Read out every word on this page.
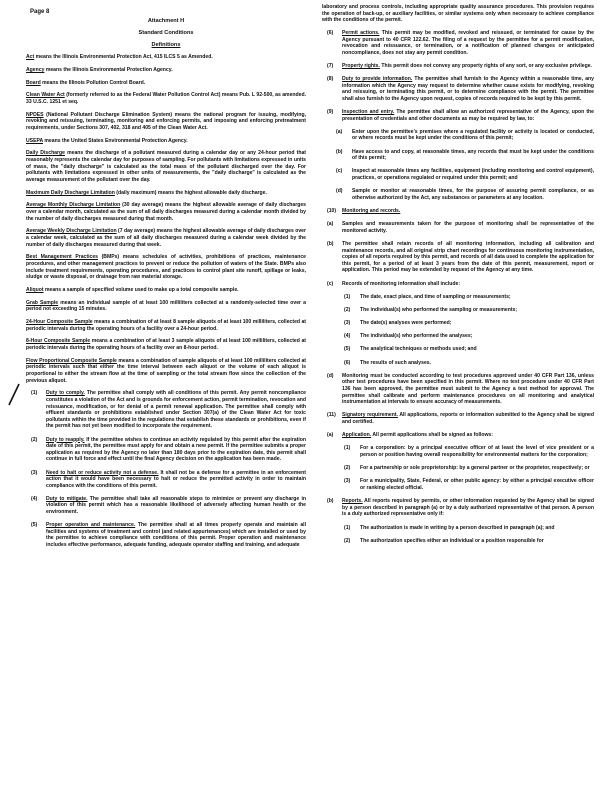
Page 8
Attachment H
Standard Conditions
Definitions
Act means the Illinois Environmental Protection Act, 415 ILCS 5 as Amended.
Agency means the Illinois Environmental Protection Agency.
Board means the Illinois Pollution Control Board.
Clean Water Act (formerly referred to as the Federal Water Pollution Control Act) means Pub. L 92-500, as amended. 33 U.S.C. 1251 et seq.
NPDES (National Pollutant Discharge Elimination System) means the national program for issuing, modifying, revoking and reissuing, terminating, monitoring and enforcing permits, and imposing and enforcing pretreatment requirements, under Sections 307, 402, 318 and 405 of the Clean Water Act.
USEPA means the United States Environmental Protection Agency.
Daily Discharge means the discharge of a pollutant measured during a calendar day or any 24-hour period that reasonably represents the calendar day for purposes of sampling. For pollutants with limitations expressed in units of mass, the "daily discharge" is calculated as the total mass of the pollutant discharged over the day. For pollutants with limitations expressed in other units of measurements, the "daily discharge" is calculated as the average measurement of the pollutant over the day.
Maximum Daily Discharge Limitation (daily maximum) means the highest allowable daily discharge.
Average Monthly Discharge Limitation (30 day average) means the highest allowable average of daily discharges over a calendar month, calculated as the sum of all daily discharges measured during a calendar month divided by the number of daily discharges measured during that month.
Average Weekly Discharge Limitation (7 day average) means the highest allowable average of daily discharges over a calendar week, calculated as the sum of all daily discharges measured during a calendar week divided by the number of daily discharges measured during that week.
Best Management Practices (BMPs) means schedules of activities, prohibitions of practices, maintenance procedures, and other management practices to prevent or reduce the pollution of waters of the State. BMPs also include treatment requirements, operating procedures, and practices to control plant site runoff, spillage or leaks, sludge or waste disposal, or drainage from raw material storage.
Aliquot means a sample of specified volume used to make up a total composite sample.
Grab Sample means an individual sample of at least 100 milliliters collected at a randomly-selected time over a period not exceeding 15 minutes.
24-Hour Composite Sample means a combination of at least 8 sample aliquots of at least 100 milliliters, collected at periodic intervals during the operating hours of a facility over a 24-hour period.
8-Hour Composite Sample means a combination of at least 3 sample aliquots of at least 100 milliliters, collected at periodic intervals during the operating hours of a facility over an 8-hour period.
Flow Proportional Composite Sample means a combination of sample aliquots of at least 100 milliliters collected at periodic intervals such that either the time interval between each aliquot or the volume of each aliquot is proportional to either the stream flow at the time of sampling or the total stream flow since the collection of the previous aliquot.
(1) Duty to comply. The permittee shall comply with all conditions of this permit. Any permit noncompliance constitutes a violation of the Act and is grounds for enforcement action, permit termination, revocation and reissuance, modification, or for denial of a permit renewal application. The permittee shall comply with effluent standards or prohibitions established under Section 307(a) of the Clean Water Act for toxic pollutants within the time provided in the regulations that establish these standards or prohibitions, even if the permit has not yet been modified to incorporate the requirement.
(2) Duty to reapply. If the permittee wishes to continue an activity regulated by this permit after the expiration date of this permit, the permittee must apply for and obtain a new permit. If the permittee submits a proper application as required by the Agency no later than 180 days prior to the expiration date, this permit shall continue in full force and effect until the final Agency decision on the application has been made.
(3) Need to halt or reduce activity not a defense. It shall not be a defense for a permittee in an enforcement action that it would have been necessary to halt or reduce the permitted activity in order to maintain compliance with the conditions of this permit.
(4) Duty to mitigate. The permittee shall take all reasonable steps to minimize or prevent any discharge in violation of this permit which has a reasonable likelihood of adversely affecting human health or the environment.
(5) Proper operation and maintenance. The permittee shall at all times properly operate and maintain all facilities and systems of treatment and control (and related appurtenances) which are installed or used by the permittee to achieve compliance with conditions of this permit. Proper operation and maintenance includes effective performance, adequate funding, adequate operator staffing and training, and adequate
laboratory and process controls, including appropriate quality assurance procedures. This provision requires the operation of back-up, or auxiliary facilities, or similar systems only when necessary to achieve compliance with the conditions of the permit.
(6) Permit actions. This permit may be modified, revoked and reissued, or terminated for cause by the Agency pursuant to 40 CFR 122.62. The filing of a request by the permittee for a permit modification, revocation and reissuance, or termination, or a notification of planned changes or anticipated noncompliance, does not stay any permit condition.
(7) Property rights. This permit does not convey any property rights of any sort, or any exclusive privilege.
(8) Duty to provide information. The permittee shall furnish to the Agency within a reasonable time, any information which the Agency may request to determine whether cause exists for modifying, revoking and reissuing, or terminating this permit, or to determine compliance with the permit. The permittee shall also furnish to the Agency upon request, copies of records required to be kept by this permit.
(9) Inspection and entry. The permittee shall allow an authorized representative of the Agency, upon the presentation of credentials and other documents as may be required by law, to:
(a) Enter upon the permittee's premises where a regulated facility or activity is located or conducted, or where records must be kept under the conditions of this permit;
(b) Have access to and copy, at reasonable times, any records that must be kept under the conditions of this permit;
(c) Inspect at reasonable times any facilities, equipment (including monitoring and control equipment), practices, or operations regulated or required under this permit; and
(d) Sample or monitor at reasonable times, for the purpose of assuring permit compliance, or as otherwise authorized by the Act, any substances or parameters at any location.
(10) Monitoring and records.
(a) Samples and measurements taken for the purpose of monitoring shall be representative of the monitored activity.
(b) The permittee shall retain records of all monitoring information, including all calibration and maintenance records, and all original strip chart recordings for continuous monitoring instrumentation, copies of all reports required by this permit, and records of all data used to complete the application for this permit, for a period of at least 3 years from the date of this permit, measurement, report or application. This period may be extended by request of the Agency at any time.
(c) Records of monitoring information shall include:
(1) The date, exact place, and time of sampling or measurements;
(2) The individual(s) who performed the sampling or measurements;
(3) The date(s) analyses were performed;
(4) The individual(s) who performed the analyses;
(5) The analytical techniques or methods used; and
(6) The results of such analyses.
(d) Monitoring must be conducted according to test procedures approved under 40 CFR Part 136, unless other test procedures have been specified in this permit. Where no test procedure under 40 CFR Part 136 has been approved, the permittee must submit to the Agency a test method for approval. The permittee shall calibrate and perform maintenance procedures on all monitoring and analytical instrumentation at intervals to ensure accuracy of measurements.
(11) Signatory requirement. All applications, reports or information submitted to the Agency shall be signed and certified.
(a) Application. All permit applications shall be signed as follows:
(1) For a corporation: by a principal executive officer of at least the level of vice president or a person or position having overall responsibility for environmental matters for the corporation;
(2) For a partnership or sole proprietorship: by a general partner or the proprietor, respectively; or
(3) For a municipality, State, Federal, or other public agency: by either a principal executive officer or ranking elected official.
(b) Reports. All reports required by permits, or other information requested by the Agency shall be signed by a person described in paragraph (a) or by a duly authorized representative of that person. A person is a duly authorized representative only if:
(1) The authorization is made in writing by a person described in paragraph (a); and
(2) The authorization specifies either an individual or a position responsible for
